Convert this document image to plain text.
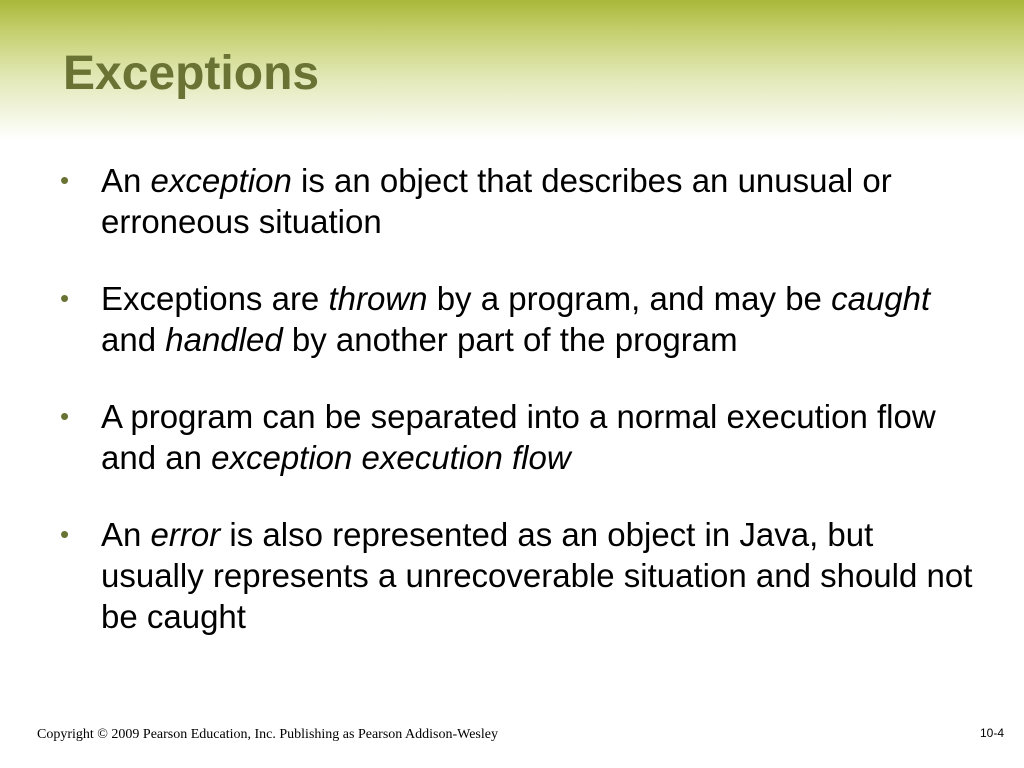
Exceptions
• An exception is an object that describes an unusual or erroneous situation
• Exceptions are thrown by a program, and may be caught and handled by another part of the program
• A program can be separated into a normal execution flow and an exception execution flow
• An error is also represented as an object in Java, but usually represents a unrecoverable situation and should not be caught
Copyright © 2009 Pearson Education, Inc. Publishing as Pearson Addison-Wesley	10-4
